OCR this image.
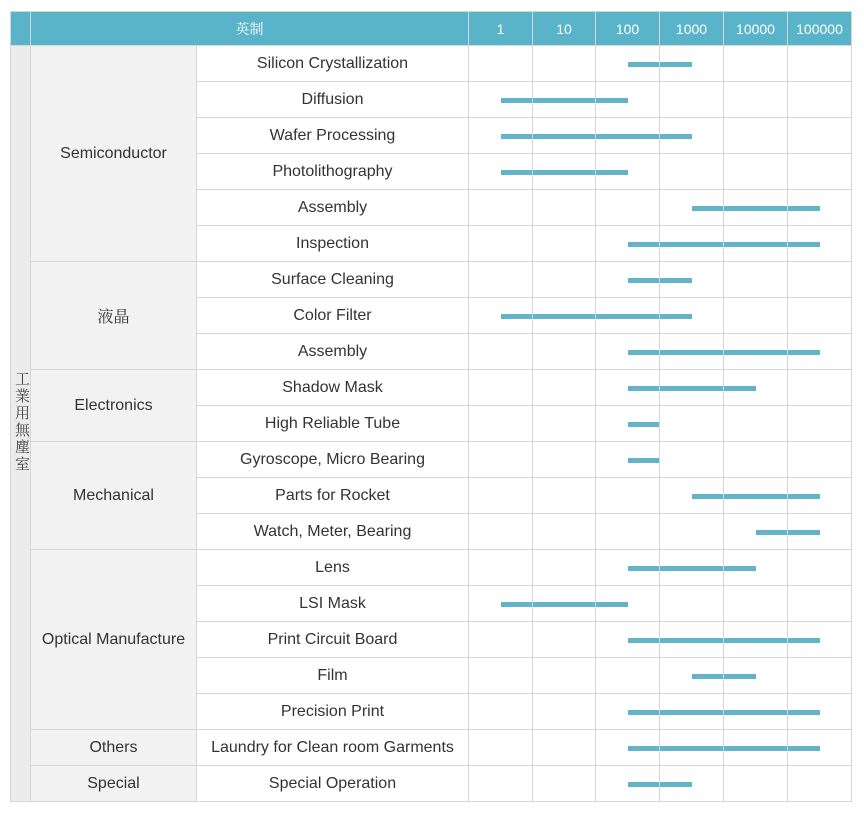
	英制		1	10	100	1000	10000	100000
工業用無塵室	Semiconductor	Silicon Crystallization			

		Diffusion	

		Wafer Processing	

		Photolithography	

		Assembly				

		Inspection			

	液晶	Surface Cleaning			

		Color Filter	

		Assembly			

	Electronics	Shadow Mask			

		High Reliable Tube			

	Mechanical	Gyroscope, Micro Bearing			

		Parts for Rocket				

		Watch, Meter, Bearing					

	Optical Manufacture	Lens			

		LSI Mask	

		Print Circuit Board			

		Film				

		Precision Print			

	Others	Laundry for Clean room Garments			

	Special	Special Operation			
